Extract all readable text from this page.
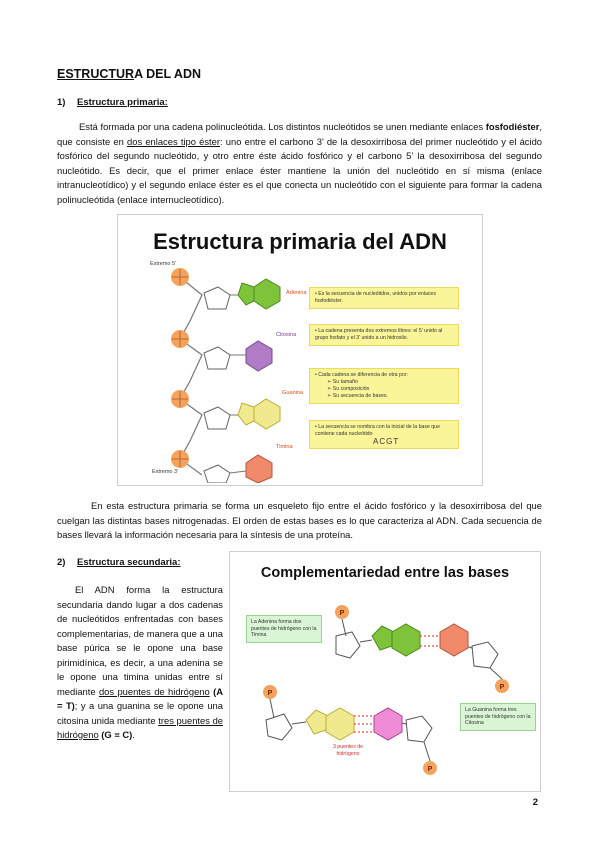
ESTRUCTURA DEL ADN
1) Estructura primaria:

Está formada por una cadena polinucleótida. Los distintos nucleótidos se unen mediante enlaces fosfodiéster, que consiste en dos enlaces tipo éster: uno entre el carbono 3’ de la desoxirribosa del primer nucleótido y el ácido fosfórico del segundo nucleótido, y otro entre éste ácido fosfórico y el carbono 5’ la desoxirribosa del segundo nucleótido. Es decir, que el primer enlace éster mantiene la unión del nucleótido en sí misma (enlace intranucleotídico) y el segundo enlace éster es el que conecta un nucleótido con el siguiente para formar la cadena polinucleótida (enlace internucleotídico).

Estructura primaria del ADN
Extremo 5’
Extremo 3’
Adenina
Citosina
Guanina
Timina
• Es la secuencia de nucleótidos, unidos por enlaces fosfodiéster.
• La cadena presenta dos extremos libres: el 5’ unido al grupo fosfato y el 3’ unido a un hidroxilo.
• Cada cadena se diferencia de otra por:
➢ Su tamaño
➢ Su composición
➢ Su secuencia de bases.
• La secuencia se nombra con la inicial de la base que contiene cada nucleótido
ACGT

En esta estructura primaria se forma un esqueleto fijo entre el ácido fosfórico y la desoxirribosa del que cuelgan las distintas bases nitrogenadas. El orden de estas bases es lo que caracteriza al ADN. Cada secuencia de bases llevará la información necesaria para la síntesis de una proteína.

2) Estructura secundaria:

El ADN forma la estructura secundaria dando lugar a dos cadenas de nucleótidos enfrentadas con bases complementarias, de manera que a una base púrica se le opone una base pirimidínica, es decir, a una adenina se le opone una timina unidas entre sí mediante dos puentes de hidrógeno (A = T); y a una guanina se le opone una citosina unida mediante tres puentes de hidrógeno (G ≡ C).

Complementariedad entre las bases
La Adenina forma dos puentes de hidrógeno con la Timina
La Guanina forma tres puentes de hidrógeno con la Citosina
P
P
P
P
3 puentes de hidrógeno
2
